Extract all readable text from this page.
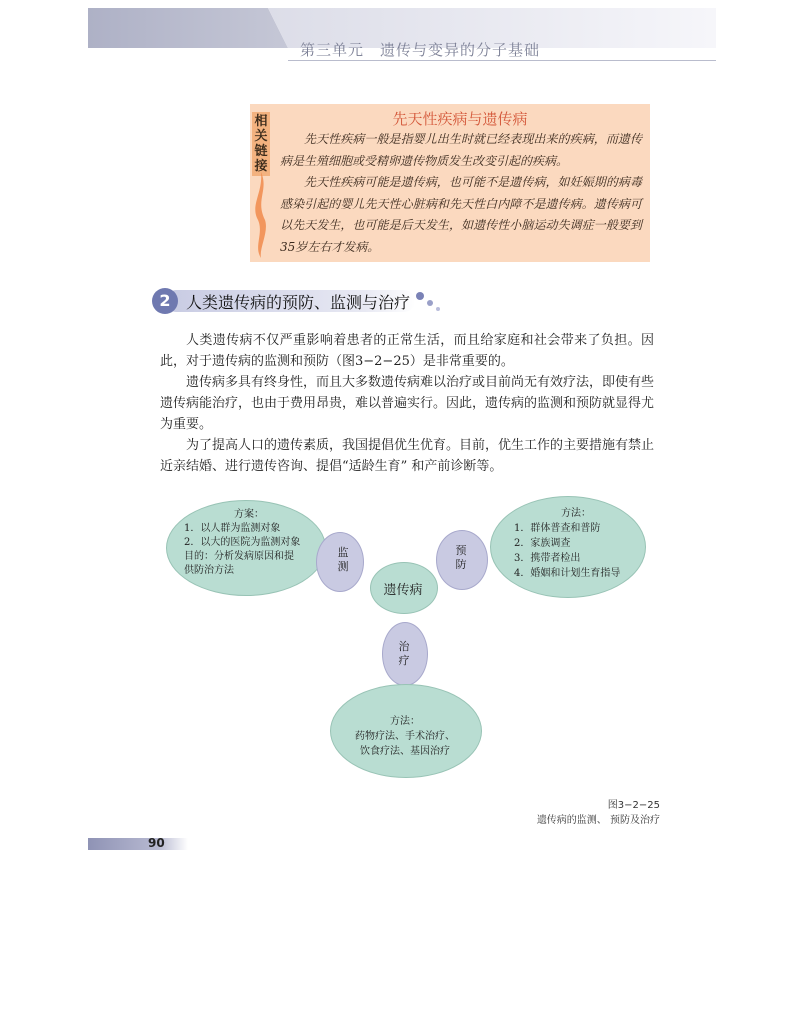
第三单元　遗传与变异的分子基础
相关链接
先天性疾病与遗传病

先天性疾病一般是指婴儿出生时就已经表现出来的疾病，而遗传病是生殖细胞或受精卵遗传物质发生改变引起的疾病。

先天性疾病可能是遗传病，也可能不是遗传病，如妊娠期的病毒感染引起的婴儿先天性心脏病和先天性白内障不是遗传病。遗传病可以先天发生，也可能是后天发生，如遗传性小脑运动失调症一般要到35岁左右才发病。

2 人类遗传病的预防、监测与治疗

人类遗传病不仅严重影响着患者的正常生活，而且给家庭和社会带来了负担。因此，对于遗传病的监测和预防（图3−2−25）是非常重要的。

遗传病多具有终身性，而且大多数遗传病难以治疗或目前尚无有效疗法，即使有些遗传病能治疗，也由于费用昂贵，难以普遍实行。因此，遗传病的监测和预防就显得尤为重要。

为了提高人口的遗传素质，我国提倡优生优育。目前，优生工作的主要措施有禁止近亲结婚、进行遗传咨询、提倡“适龄生育” 和产前诊断等。

方案：
1．以人群为监测对象
2．以大的医院为监测对象
目的：分析发病原因和提
供防治方法
方法：
1．群体普查和普防
2．家族调查
3．携带者检出
4．婚姻和计划生育指导
监测
预防
遗传病
治疗
方法：
药物疗法、手术治疗、
饮食疗法、基因治疗
图3−2−25
遗传病的监测、 预防及治疗
90
